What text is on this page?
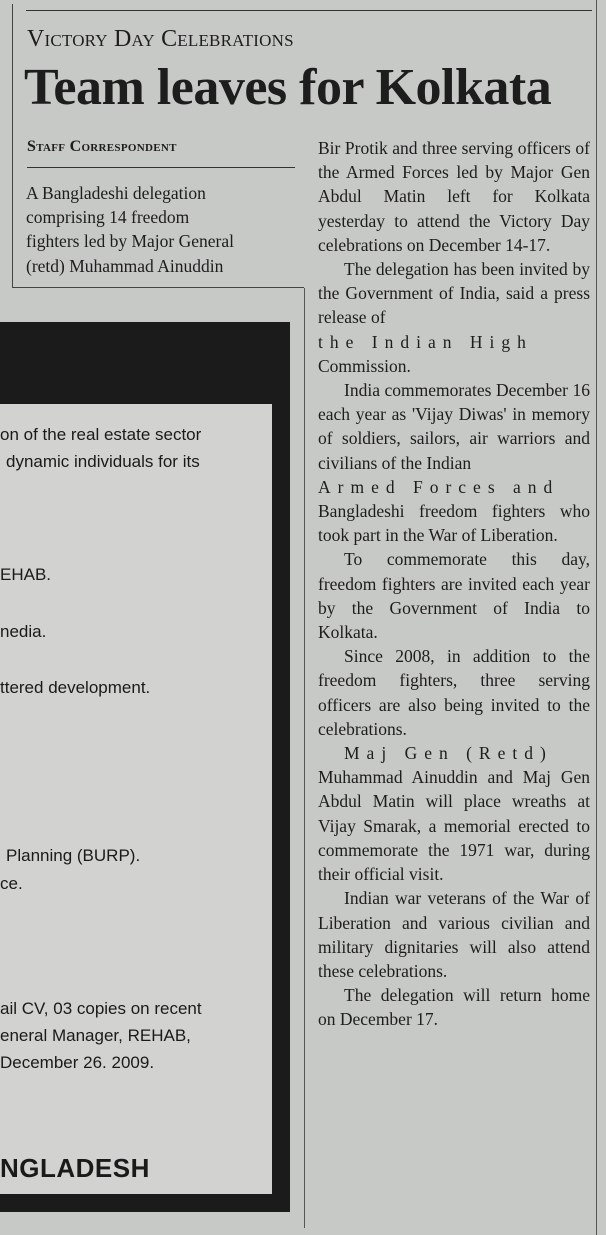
Victory Day Celebrations
Team leaves for Kolkata
Staff Correspondent

A Bangladeshi delegation

comprising 14 freedom

fighters led by Major General

(retd) Muhammad Ainuddin

Bir Protik and three serving officers of the Armed Forces led by Major Gen Abdul Matin left for Kolkata yesterday to attend the Victory Day celebrations on December 14-17.

The delegation has been invited by the Government of India, said a press release of

the Indian High

Commission.

India commemorates December 16 each year as 'Vijay Diwas' in memory of soldiers, sailors, air warriors and civilians of the Indian

Armed Forces and

Bangladeshi freedom fighters who took part in the War of Liberation.

To commemorate this day, freedom fighters are invited each year by the Government of India to Kolkata.

Since 2008, in addition to the freedom fighters, three serving officers are also being invited to the celebrations.

Maj Gen (Retd)

Muhammad Ainuddin and Maj Gen Abdul Matin will place wreaths at Vijay Smarak, a memorial erected to commemorate the 1971 war, during their official visit.

Indian war veterans of the War of Liberation and various civilian and military dignitaries will also attend these celebrations.

The delegation will return home on December 17.

on of the real estate sector
dynamic individuals for its
EHAB.
nedia.
ttered development.
Planning (BURP).
ce.
ail CV, 03 copies on recent
eneral Manager, REHAB,
December 26. 2009.
NGLADESH
